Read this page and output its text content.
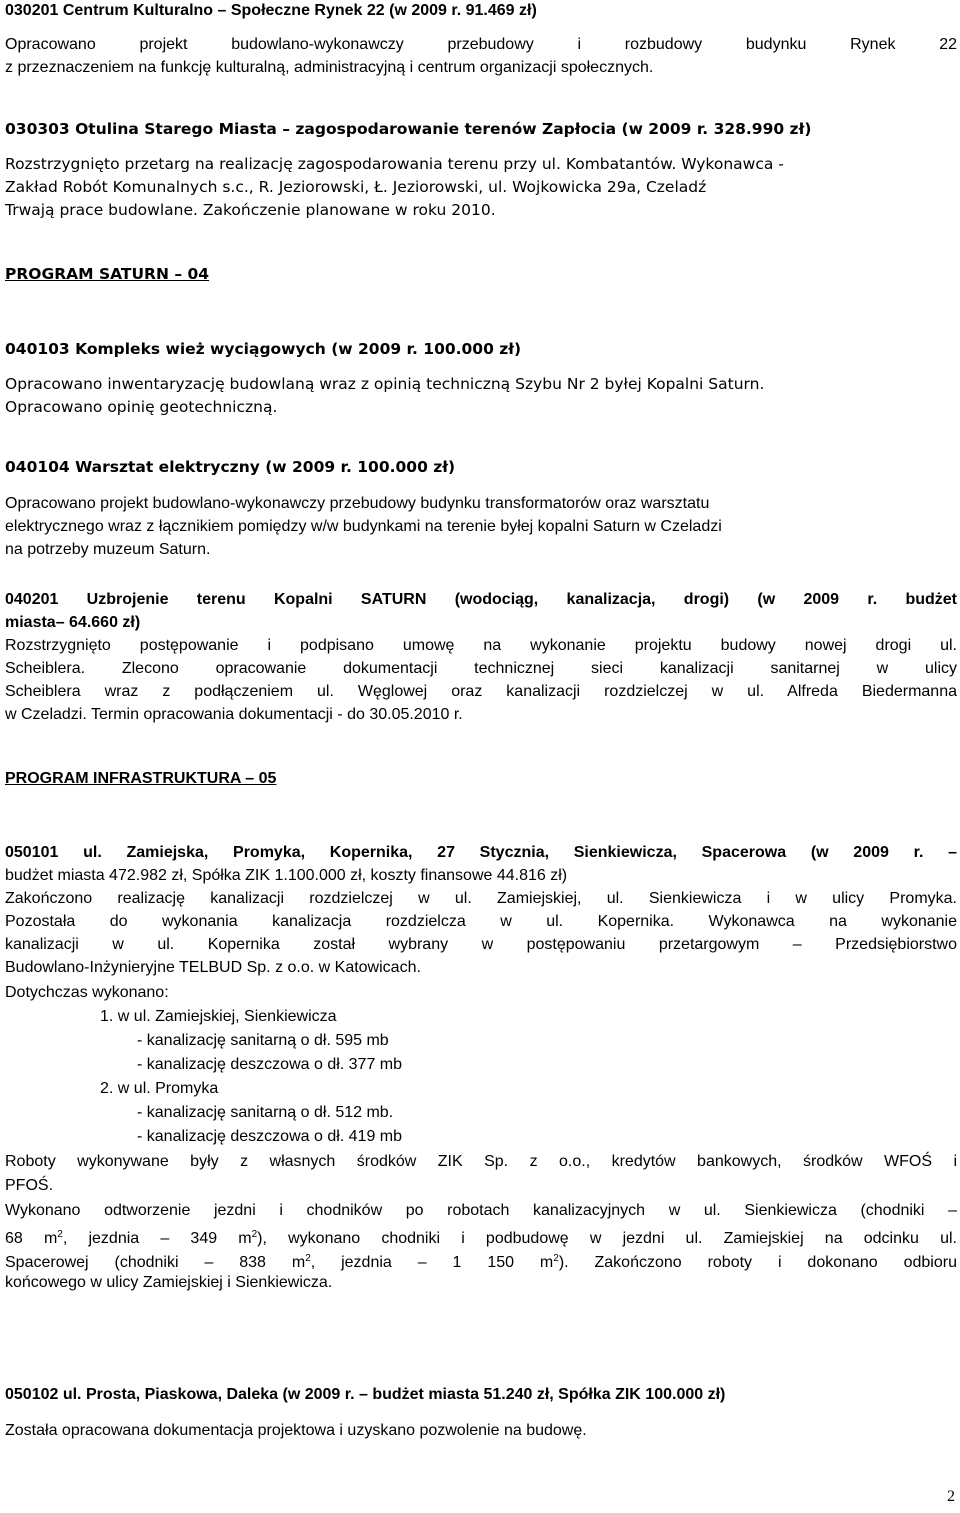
030201 Centrum Kulturalno – Społeczne Rynek 22 (w 2009 r. 91.469 zł)
Opracowano projekt budowlano-wykonawczy przebudowy i rozbudowy budynku Rynek 22
z przeznaczeniem na funkcję kulturalną, administracyjną i centrum organizacji społecznych.
030303 Otulina Starego Miasta – zagospodarowanie terenów Zapłocia (w 2009 r. 328.990 zł)
Rozstrzygnięto przetarg na realizację zagospodarowania terenu przy ul. Kombatantów. Wykonawca -
Zakład Robót Komunalnych s.c., R. Jeziorowski, Ł. Jeziorowski, ul. Wojkowicka 29a, Czeladź
Trwają prace budowlane. Zakończenie planowane w roku 2010.
PROGRAM SATURN – 04
040103 Kompleks wież wyciągowych (w 2009 r. 100.000 zł)
Opracowano inwentaryzację budowlaną wraz z opinią techniczną Szybu Nr 2 byłej Kopalni Saturn.
Opracowano opinię geotechniczną.
040104 Warsztat elektryczny (w 2009 r. 100.000 zł)
Opracowano projekt budowlano-wykonawczy przebudowy budynku transformatorów oraz warsztatu
elektrycznego wraz z łącznikiem pomiędzy w/w budynkami na terenie byłej kopalni Saturn w Czeladzi
na potrzeby muzeum Saturn.
040201 Uzbrojenie terenu Kopalni SATURN (wodociąg, kanalizacja, drogi) (w 2009 r. budżet
miasta– 64.660 zł)
Rozstrzygnięto postępowanie i podpisano umowę na wykonanie projektu budowy nowej drogi ul.
Scheiblera. Zlecono opracowanie dokumentacji technicznej sieci kanalizacji sanitarnej w ulicy
Scheiblera wraz z podłączeniem ul. Węglowej oraz kanalizacji rozdzielczej w ul. Alfreda Biedermanna
w Czeladzi. Termin opracowania dokumentacji - do 30.05.2010 r.
PROGRAM INFRASTRUKTURA – 05
050101 ul. Zamiejska, Promyka, Kopernika, 27 Stycznia, Sienkiewicza, Spacerowa (w 2009 r. –
budżet miasta 472.982 zł, Spółka ZIK 1.100.000 zł, koszty finansowe 44.816 zł)
Zakończono realizację kanalizacji rozdzielczej w ul. Zamiejskiej, ul. Sienkiewicza i w ulicy Promyka.
Pozostała do wykonania kanalizacja rozdzielcza w ul. Kopernika. Wykonawca na wykonanie
kanalizacji w ul. Kopernika został wybrany w postępowaniu przetargowym – Przedsiębiorstwo
Budowlano-Inżynieryjne TELBUD Sp. z o.o. w Katowicach.
Dotychczas wykonano:
1. w ul. Zamiejskiej, Sienkiewicza
- kanalizację sanitarną o dł. 595 mb
- kanalizację deszczowa o dł. 377 mb
2. w ul. Promyka
- kanalizację sanitarną o dł. 512 mb.
- kanalizację deszczowa o dł. 419 mb
Roboty wykonywane były z własnych środków ZIK Sp. z o.o., kredytów bankowych, środków WFOŚ i
PFOŚ.
Wykonano odtworzenie jezdni i chodników po robotach kanalizacyjnych w ul. Sienkiewicza (chodniki –
68 $m^2$, jezdnia – 349 $m^2$), wykonano chodniki i podbudowę w jezdni ul. Zamiejskiej na odcinku ul.
Spacerowej (chodniki – 838 $m^2$, jezdnia – 1 150 $m^2$). Zakończono roboty i dokonano odbioru
końcowego w ulicy Zamiejskiej i Sienkiewicza.
050102 ul. Prosta, Piaskowa, Daleka (w 2009 r. – budżet miasta 51.240 zł, Spółka ZIK 100.000 zł)
Została opracowana dokumentacja projektowa i uzyskano pozwolenie na budowę.
2
